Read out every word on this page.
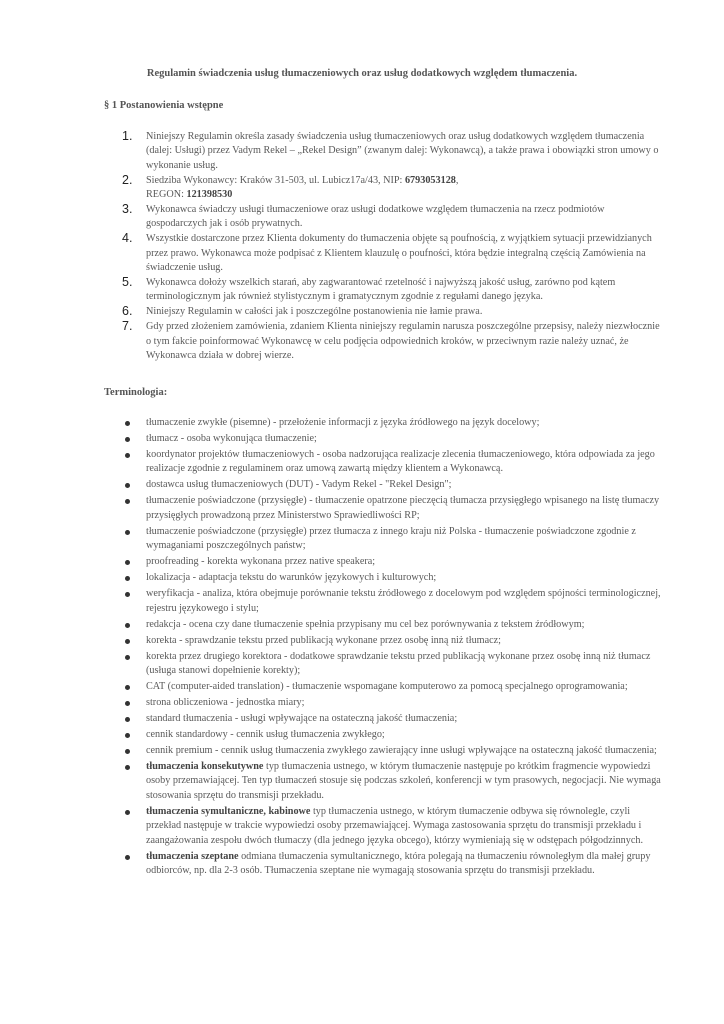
Regulamin świadczenia usług tłumaczeniowych oraz usług dodatkowych względem tłumaczenia.
§ 1 Postanowienia wstępne
1. Niniejszy Regulamin określa zasady świadczenia usług tłumaczeniowych oraz usług dodatkowych względem tłumaczenia (dalej: Usługi) przez Vadym Rekel – „Rekel Design” (zwanym dalej: Wykonawcą), a także prawa i obowiązki stron umowy o wykonanie usług.
2. Siedziba Wykonawcy: Kraków 31-503, ul. Lubicz17a/43, NIP: 6793053128,
REGON: 121398530
3. Wykonawca świadczy usługi tłumaczeniowe oraz usługi dodatkowe względem tłumaczenia na rzecz podmiotów gospodarczych jak i osób prywatnych.
4. Wszystkie dostarczone przez Klienta dokumenty do tłumaczenia objęte są poufnością, z wyjątkiem sytuacji przewidzianych przez prawo. Wykonawca może podpisać z Klientem klauzulę o poufności, która będzie integralną częścią Zamówienia na świadczenie usług.
5. Wykonawca dołoży wszelkich starań, aby zagwarantować rzetelność i najwyższą jakość usług, zarówno pod kątem terminologicznym jak również stylistycznym i gramatycznym zgodnie z regułami danego języka.
6. Niniejszy Regulamin w całości jak i poszczególne postanowienia nie łamie prawa.
7. Gdy przed złożeniem zamówienia, zdaniem Klienta niniejszy regulamin narusza poszczególne przepsisy, należy niezwłocznie o tym fakcie poinformować Wykonawcę w celu podjęcia odpowiednich kroków, w przeciwnym razie należy uznać, że Wykonawca działa w dobrej wierze.
Terminologia:
tłumaczenie zwykłe (pisemne) - przełożenie informacji z języka źródłowego na język docelowy;
tłumacz - osoba wykonująca tłumaczenie;
koordynator projektów tłumaczeniowych - osoba nadzorująca realizacje zlecenia tłumaczeniowego, która odpowiada za jego realizacje zgodnie z regulaminem oraz umową zawartą między klientem a Wykonawcą.
dostawca usług tłumaczeniowych (DUT) - Vadym Rekel - "Rekel Design";
tłumaczenie poświadczone (przysięgłe) - tłumaczenie opatrzone pieczęcią tłumacza przysięgłego wpisanego na listę tłumaczy przysięgłych prowadzoną przez Ministerstwo Sprawiedliwości RP;
tłumaczenie poświadczone (przysięgłe) przez tłumacza z innego kraju niż Polska - tłumaczenie poświadczone zgodnie z wymaganiami poszczególnych państw;
proofreading - korekta wykonana przez native speakera;
lokalizacja - adaptacja tekstu do warunków językowych i kulturowych;
weryfikacja - analiza, która obejmuje porównanie tekstu źródłowego z docelowym pod względem spójności terminologicznej, rejestru językowego i stylu;
redakcja - ocena czy dane tłumaczenie spełnia przypisany mu cel bez porównywania z tekstem źródłowym;
korekta - sprawdzanie tekstu przed publikacją wykonane przez osobę inną niż tłumacz;
korekta przez drugiego korektora - dodatkowe sprawdzanie tekstu przed publikacją wykonane przez osobę inną niż tłumacz (usługa stanowi dopełnienie korekty);
CAT (computer-aided translation) - tłumaczenie wspomagane komputerowo za pomocą specjalnego oprogramowania;
strona obliczeniowa - jednostka miary;
standard tłumaczenia - usługi wpływające na ostateczną jakość tłumaczenia;
cennik standardowy - cennik usług tłumaczenia zwykłego;
cennik premium - cennik usług tłumaczenia zwykłego zawierający inne usługi wpływające na ostateczną jakość tłumaczenia;
tłumaczenia konsekutywne typ tłumaczenia ustnego, w którym tłumaczenie następuje po krótkim fragmencie wypowiedzi osoby przemawiającej. Ten typ tłumaczeń stosuje się podczas szkoleń, konferencji w tym prasowych, negocjacji. Nie wymaga stosowania sprzętu do transmisji przekładu.
tłumaczenia symultaniczne, kabinowe typ tłumaczenia ustnego, w którym tłumaczenie odbywa się równolegle, czyli przekład następuje w trakcie wypowiedzi osoby przemawiającej. Wymaga zastosowania sprzętu do transmisji przekładu i zaangażowania zespołu dwóch tłumaczy (dla jednego języka obcego), którzy wymieniają się w odstępach półgodzinnych.
tłumaczenia szeptane odmiana tłumaczenia symultanicznego, która polegają na tłumaczeniu równoległym dla małej grupy odbiorców, np. dla 2-3 osób. Tłumaczenia szeptane nie wymagają stosowania sprzętu do transmisji przekładu.
